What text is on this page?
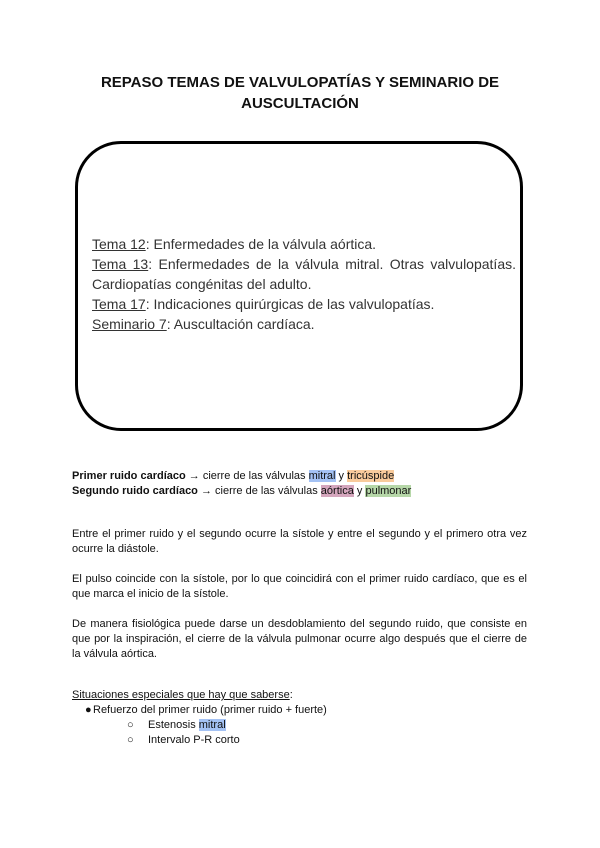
REPASO TEMAS DE VALVULOPATÍAS Y SEMINARIO DE
AUSCULTACIÓN
Tema 12: Enfermedades de la válvula aórtica.
Tema 13: Enfermedades de la válvula mitral. Otras valvulopatías. Cardiopatías congénitas del adulto.
Tema 17: Indicaciones quirúrgicas de las valvulopatías.
Seminario 7: Auscultación cardíaca.
Primer ruido cardíaco → cierre de las válvulas mitral y tricúspide
Segundo ruido cardíaco → cierre de las válvulas aórtica y pulmonar
Entre el primer ruido y el segundo ocurre la sístole y entre el segundo y el primero otra vez ocurre la diástole.
El pulso coincide con la sístole, por lo que coincidirá con el primer ruido cardíaco, que es el que marca el inicio de la sístole.
De manera fisiológica puede darse un desdoblamiento del segundo ruido, que consiste en que por la inspiración, el cierre de la válvula pulmonar ocurre algo después que el cierre de la válvula aórtica.
Situaciones especiales que hay que saberse:
● Refuerzo del primer ruido (primer ruido + fuerte)
○ Estenosis mitral
○ Intervalo P-R corto
